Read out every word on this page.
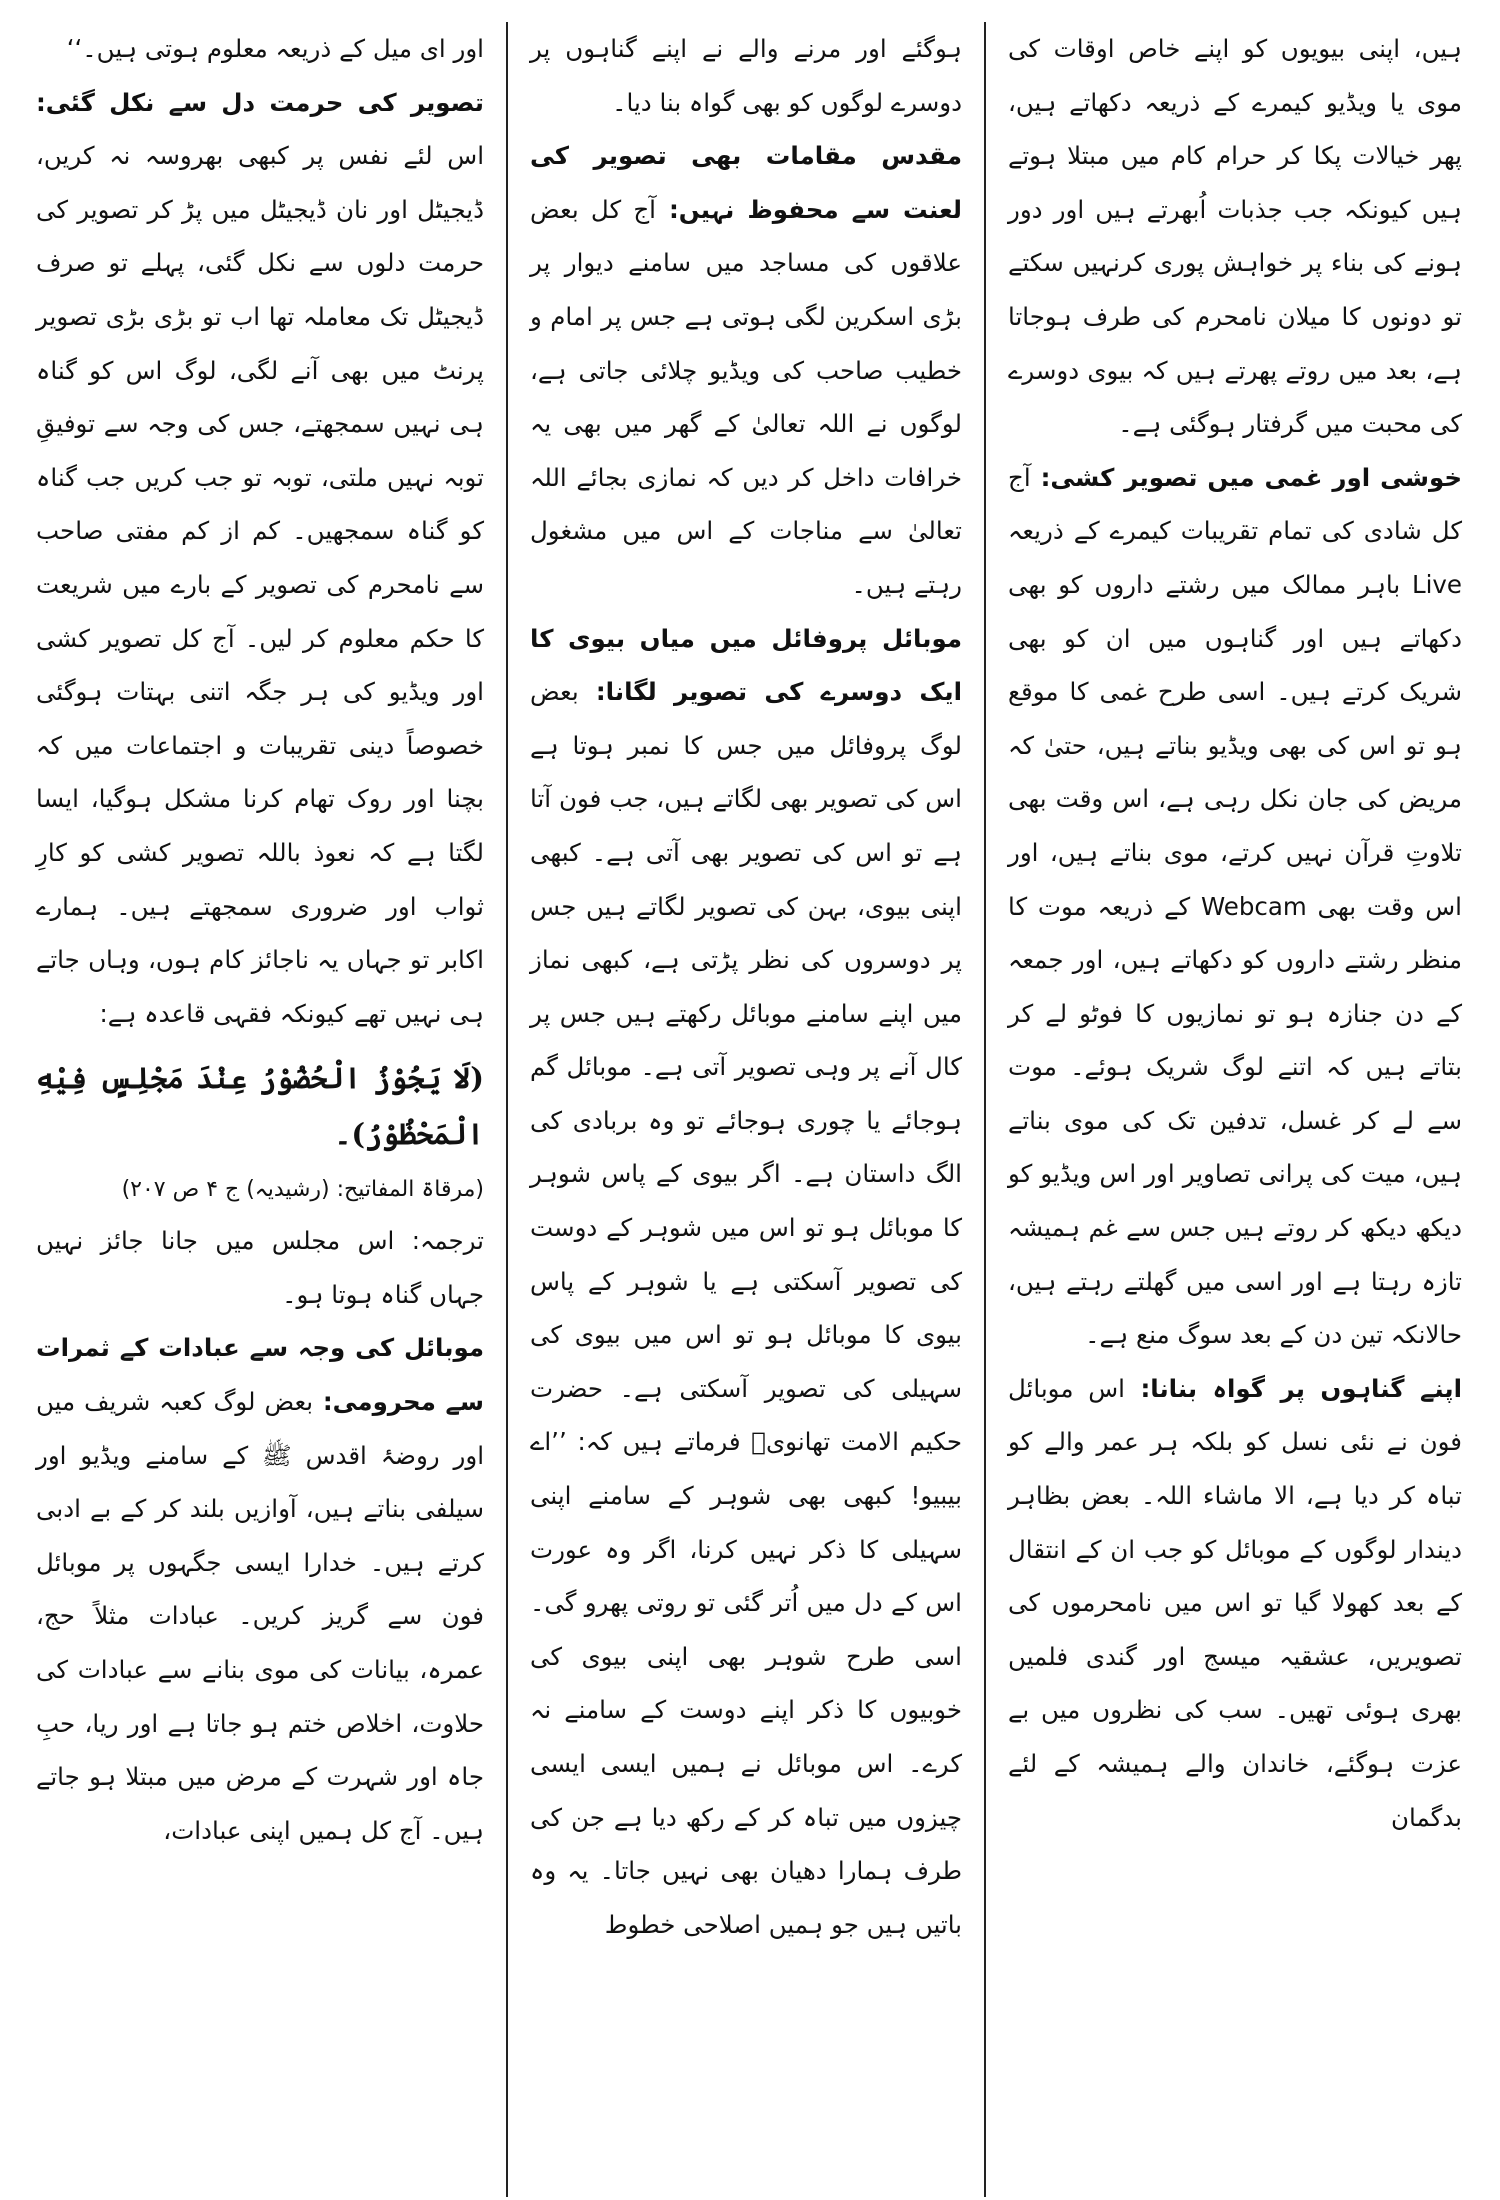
ہیں، اپنی بیویوں کو اپنے خاص اوقات کی موی یا ویڈیو کیمرے کے ذریعہ دکھاتے ہیں، پھر خیالات پکا کر حرام کام میں مبتلا ہوتے ہیں کیونکہ جب جذبات اُبھرتے ہیں اور دور ہونے کی بناء پر خواہش پوری کرنہیں سکتے تو دونوں کا میلان نامحرم کی طرف ہوجاتا ہے، بعد میں روتے پھرتے ہیں کہ بیوی دوسرے کی محبت میں گرفتار ہوگئی ہے۔

خوشی اور غمی میں تصویر کشی: آج کل شادی کی تمام تقریبات کیمرے کے ذریعہ Live باہر ممالک میں رشتے داروں کو بھی دکھاتے ہیں اور گناہوں میں ان کو بھی شریک کرتے ہیں۔ اسی طرح غمی کا موقع ہو تو اس کی بھی ویڈیو بناتے ہیں، حتیٰ کہ مریض کی جان نکل رہی ہے، اس وقت بھی تلاوتِ قرآن نہیں کرتے، موی بناتے ہیں، اور اس وقت بھی Webcam کے ذریعہ موت کا منظر رشتے داروں کو دکھاتے ہیں، اور جمعہ کے دن جنازہ ہو تو نمازیوں کا فوٹو لے کر بتاتے ہیں کہ اتنے لوگ شریک ہوئے۔ موت سے لے کر غسل، تدفین تک کی موی بناتے ہیں، میت کی پرانی تصاویر اور اس ویڈیو کو دیکھ دیکھ کر روتے ہیں جس سے غم ہمیشہ تازہ رہتا ہے اور اسی میں گھلتے رہتے ہیں، حالانکہ تین دن کے بعد سوگ منع ہے۔

اپنے گناہوں پر گواہ بنانا: اس موبائل فون نے نئی نسل کو بلکہ ہر عمر والے کو تباہ کر دیا ہے، الا ماشاء اللہ۔ بعض بظاہر دیندار لوگوں کے موبائل کو جب ان کے انتقال کے بعد کھولا گیا تو اس میں نامحرموں کی تصویریں، عشقیہ میسج اور گندی فلمیں بھری ہوئی تھیں۔ سب کی نظروں میں بے عزت ہوگئے، خاندان والے ہمیشہ کے لئے بدگمان

ہوگئے اور مرنے والے نے اپنے گناہوں پر دوسرے لوگوں کو بھی گواہ بنا دیا۔

مقدس مقامات بھی تصویر کی لعنت سے محفوظ نہیں: آج کل بعض علاقوں کی مساجد میں سامنے دیوار پر بڑی اسکرین لگی ہوتی ہے جس پر امام و خطیب صاحب کی ویڈیو چلائی جاتی ہے، لوگوں نے اللہ تعالیٰ کے گھر میں بھی یہ خرافات داخل کر دیں کہ نمازی بجائے اللہ تعالیٰ سے مناجات کے اس میں مشغول رہتے ہیں۔

موبائل پروفائل میں میاں بیوی کا ایک دوسرے کی تصویر لگانا: بعض لوگ پروفائل میں جس کا نمبر ہوتا ہے اس کی تصویر بھی لگاتے ہیں، جب فون آتا ہے تو اس کی تصویر بھی آتی ہے۔ کبھی اپنی بیوی، بہن کی تصویر لگاتے ہیں جس پر دوسروں کی نظر پڑتی ہے، کبھی نماز میں اپنے سامنے موبائل رکھتے ہیں جس پر کال آنے پر وہی تصویر آتی ہے۔ موبائل گم ہوجائے یا چوری ہوجائے تو وہ بربادی کی الگ داستان ہے۔ اگر بیوی کے پاس شوہر کا موبائل ہو تو اس میں شوہر کے دوست کی تصویر آسکتی ہے یا شوہر کے پاس بیوی کا موبائل ہو تو اس میں بیوی کی سہیلی کی تصویر آسکتی ہے۔ حضرت حکیم الامت تھانویؒ فرماتے ہیں کہ: ’’اے بیبیو! کبھی بھی شوہر کے سامنے اپنی سہیلی کا ذکر نہیں کرنا، اگر وہ عورت اس کے دل میں اُتر گئی تو روتی پھرو گی۔ اسی طرح شوہر بھی اپنی بیوی کی خوبیوں کا ذکر اپنے دوست کے سامنے نہ کرے۔ اس موبائل نے ہمیں ایسی ایسی چیزوں میں تباہ کر کے رکھ دیا ہے جن کی طرف ہمارا دھیان بھی نہیں جاتا۔ یہ وہ باتیں ہیں جو ہمیں اصلاحی خطوط

اور ای میل کے ذریعہ معلوم ہوتی ہیں۔‘‘

تصویر کی حرمت دل سے نکل گئی: اس لئے نفس پر کبھی بھروسہ نہ کریں، ڈیجیٹل اور نان ڈیجیٹل میں پڑ کر تصویر کی حرمت دلوں سے نکل گئی، پہلے تو صرف ڈیجیٹل تک معاملہ تھا اب تو بڑی بڑی تصویر پرنٹ میں بھی آنے لگی، لوگ اس کو گناہ ہی نہیں سمجھتے، جس کی وجہ سے توفیقِ توبہ نہیں ملتی، توبہ تو جب کریں جب گناہ کو گناہ سمجھیں۔ کم از کم مفتی صاحب سے نامحرم کی تصویر کے بارے میں شریعت کا حکم معلوم کر لیں۔ آج کل تصویر کشی اور ویڈیو کی ہر جگہ اتنی بہتات ہوگئی خصوصاً دینی تقریبات و اجتماعات میں کہ بچنا اور روک تھام کرنا مشکل ہوگیا، ایسا لگتا ہے کہ نعوذ باللہ تصویر کشی کو کارِ ثواب اور ضروری سمجھتے ہیں۔ ہمارے اکابر تو جہاں یہ ناجائز کام ہوں، وہاں جاتے ہی نہیں تھے کیونکہ فقہی قاعدہ ہے:

(لَا یَجُوْزُ الْحُضُوْرُ عِنْدَ مَجْلِسٍ فِیْهِ الْمَحْظُوْرُ)۔

(مرقاۃ المفاتیح: (رشیدیہ) ج ۴ ص ۲۰۷)

ترجمہ: اس مجلس میں جانا جائز نہیں جہاں گناہ ہوتا ہو۔

موبائل کی وجہ سے عبادات کے ثمرات سے محرومی: بعض لوگ کعبہ شریف میں اور روضۂ اقدس ﷺ کے سامنے ویڈیو اور سیلفی بناتے ہیں، آوازیں بلند کر کے بے ادبی کرتے ہیں۔ خدارا ایسی جگہوں پر موبائل فون سے گریز کریں۔ عبادات مثلاً حج، عمرہ، بیانات کی موی بنانے سے عبادات کی حلاوت، اخلاص ختم ہو جاتا ہے اور ریا، حبِ جاہ اور شہرت کے مرض میں مبتلا ہو جاتے ہیں۔ آج کل ہمیں اپنی عبادات،
